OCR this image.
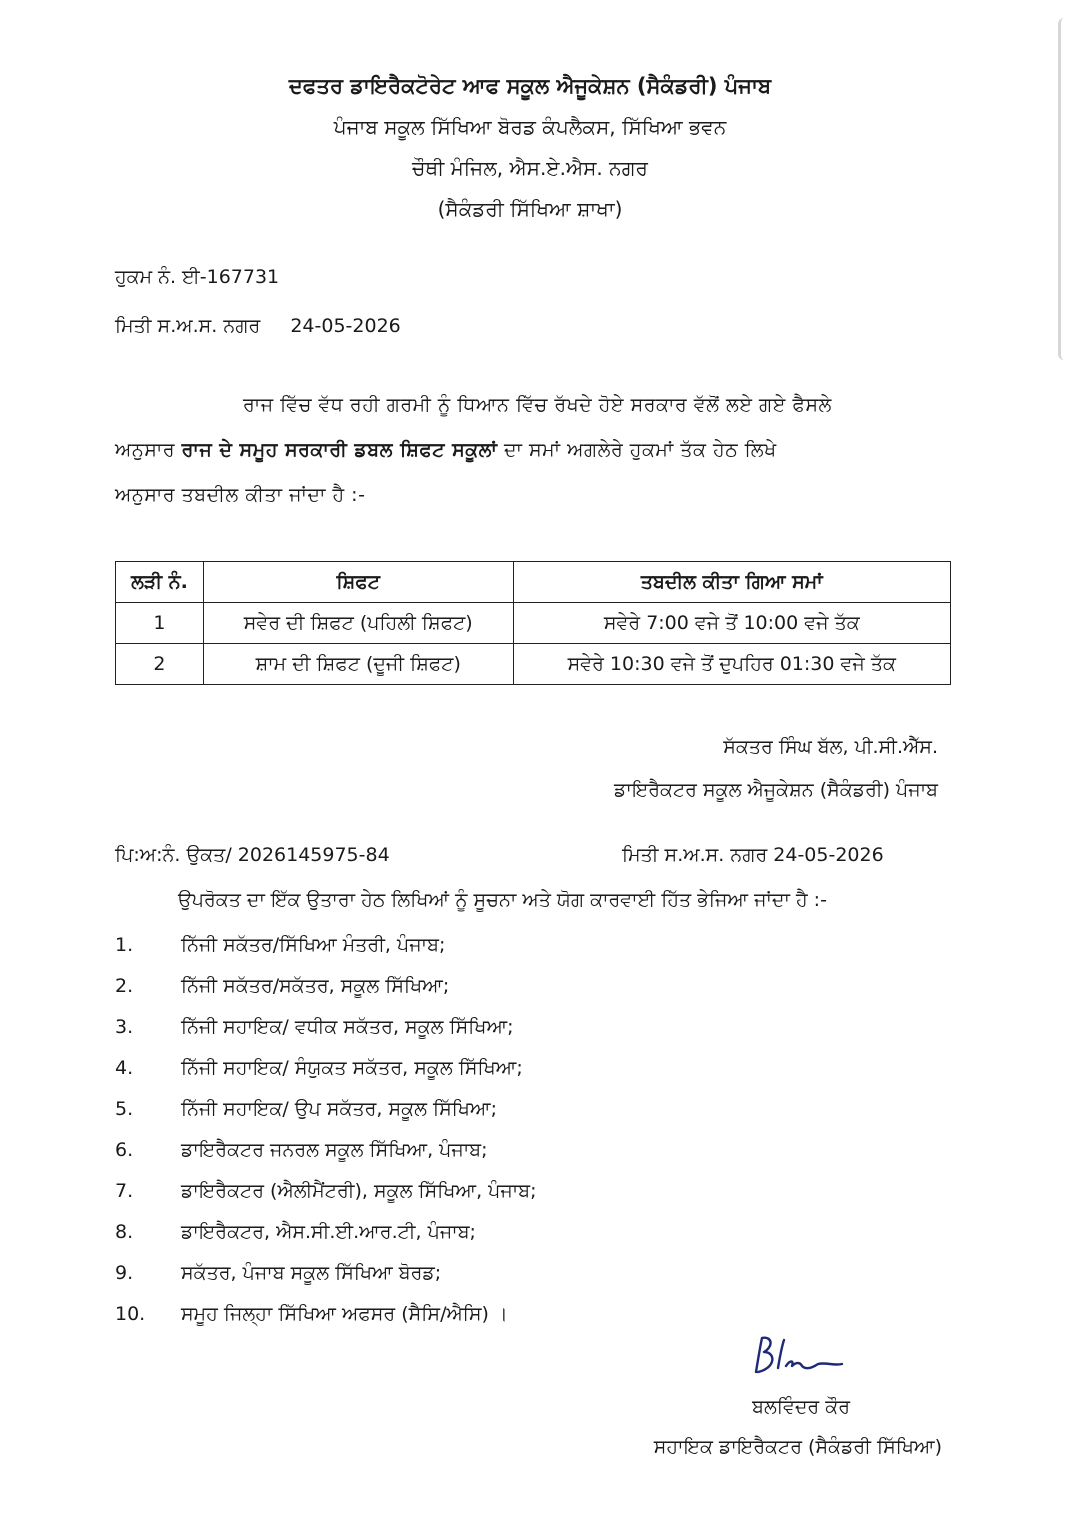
ਦਫਤਰ ਡਾਇਰੈਕਟੋਰੇਟ ਆਫ ਸਕੂਲ ਐਜੂਕੇਸ਼ਨ (ਸੈਕੰਡਰੀ) ਪੰਜਾਬ
ਪੰਜਾਬ ਸਕੂਲ ਸਿੱਖਿਆ ਬੋਰਡ ਕੰਪਲੈਕਸ, ਸਿੱਖਿਆ ਭਵਨ
ਚੌਥੀ ਮੰਜਿਲ, ਐਸ.ਏ.ਐਸ. ਨਗਰ
(ਸੈਕੰਡਰੀ ਸਿੱਖਿਆ ਸ਼ਾਖਾ)
ਹੁਕਮ ਨੰ. ਈ-167731
ਮਿਤੀ ਸ.ਅ.ਸ. ਨਗਰ 24-05-2026

ਰਾਜ ਵਿੱਚ ਵੱਧ ਰਹੀ ਗਰਮੀ ਨੂੰ ਧਿਆਨ ਵਿੱਚ ਰੱਖਦੇ ਹੋਏ ਸਰਕਾਰ ਵੱਲੋਂ ਲਏ ਗਏ ਫੈਸਲੇ

ਅਨੁਸਾਰ ਰਾਜ ਦੇ ਸਮੂਹ ਸਰਕਾਰੀ ਡਬਲ ਸ਼ਿਫਟ ਸਕੂਲਾਂ ਦਾ ਸਮਾਂ ਅਗਲੇਰੇ ਹੁਕਮਾਂ ਤੱਕ ਹੇਠ ਲਿਖੇ

ਅਨੁਸਾਰ ਤਬਦੀਲ ਕੀਤਾ ਜਾਂਦਾ ਹੈ :-

ਲੜੀ ਨੰ.	ਸ਼ਿਫਟ	ਤਬਦੀਲ ਕੀਤਾ ਗਿਆ ਸਮਾਂ
1	ਸਵੇਰ ਦੀ ਸ਼ਿਫਟ (ਪਹਿਲੀ ਸ਼ਿਫਟ)	ਸਵੇਰੇ 7:00 ਵਜੇ ਤੋਂ 10:00 ਵਜੇ ਤੱਕ
2	ਸ਼ਾਮ ਦੀ ਸ਼ਿਫਟ (ਦੂਜੀ ਸ਼ਿਫਟ)	ਸਵੇਰੇ 10:30 ਵਜੇ ਤੋਂ ਦੁਪਹਿਰ 01:30 ਵਜੇ ਤੱਕ
ਸੱਕਤਰ ਸਿੰਘ ਬੱਲ, ਪੀ.ਸੀ.ਐੱਸ.
ਡਾਇਰੈਕਟਰ ਸਕੂਲ ਐਜੂਕੇਸ਼ਨ (ਸੈਕੰਡਰੀ) ਪੰਜਾਬ
ਪਿ:ਅ:ਨੰ. ਉਕਤ/ 2026145975-84	ਮਿਤੀ ਸ.ਅ.ਸ. ਨਗਰ 24-05-2026
ਉਪਰੋਕਤ ਦਾ ਇੱਕ ਉਤਾਰਾ ਹੇਠ ਲਿਖਿਆਂ ਨੂੰ ਸੂਚਨਾ ਅਤੇ ਯੋਗ ਕਾਰਵਾਈ ਹਿੱਤ ਭੇਜਿਆ ਜਾਂਦਾ ਹੈ :-
1.	ਨਿੱਜੀ ਸਕੱਤਰ/ਸਿੱਖਿਆ ਮੰਤਰੀ, ਪੰਜਾਬ;
2.	ਨਿੱਜੀ ਸਕੱਤਰ/ਸਕੱਤਰ, ਸਕੂਲ ਸਿੱਖਿਆ;
3.	ਨਿੱਜੀ ਸਹਾਇਕ/ ਵਧੀਕ ਸਕੱਤਰ, ਸਕੂਲ ਸਿੱਖਿਆ;
4.	ਨਿੱਜੀ ਸਹਾਇਕ/ ਸੰਯੁਕਤ ਸਕੱਤਰ, ਸਕੂਲ ਸਿੱਖਿਆ;
5.	ਨਿੱਜੀ ਸਹਾਇਕ/ ਉਪ ਸਕੱਤਰ, ਸਕੂਲ ਸਿੱਖਿਆ;
6.	ਡਾਇਰੈਕਟਰ ਜਨਰਲ ਸਕੂਲ ਸਿੱਖਿਆ, ਪੰਜਾਬ;
7.	ਡਾਇਰੈਕਟਰ (ਐਲੀਮੈਂਟਰੀ), ਸਕੂਲ ਸਿੱਖਿਆ, ਪੰਜਾਬ;
8.	ਡਾਇਰੈਕਟਰ, ਐਸ.ਸੀ.ਈ.ਆਰ.ਟੀ, ਪੰਜਾਬ;
9.	ਸਕੱਤਰ, ਪੰਜਾਬ ਸਕੂਲ ਸਿੱਖਿਆ ਬੋਰਡ;
10.	ਸਮੂਹ ਜਿਲ੍ਹਾ ਸਿੱਖਿਆ ਅਫਸਰ (ਸੈਸਿ/ਐਸਿ) ।
ਬਲਵਿੰਦਰ ਕੌਰ
ਸਹਾਇਕ ਡਾਇਰੈਕਟਰ (ਸੈਕੰਡਰੀ ਸਿੱਖਿਆ)
